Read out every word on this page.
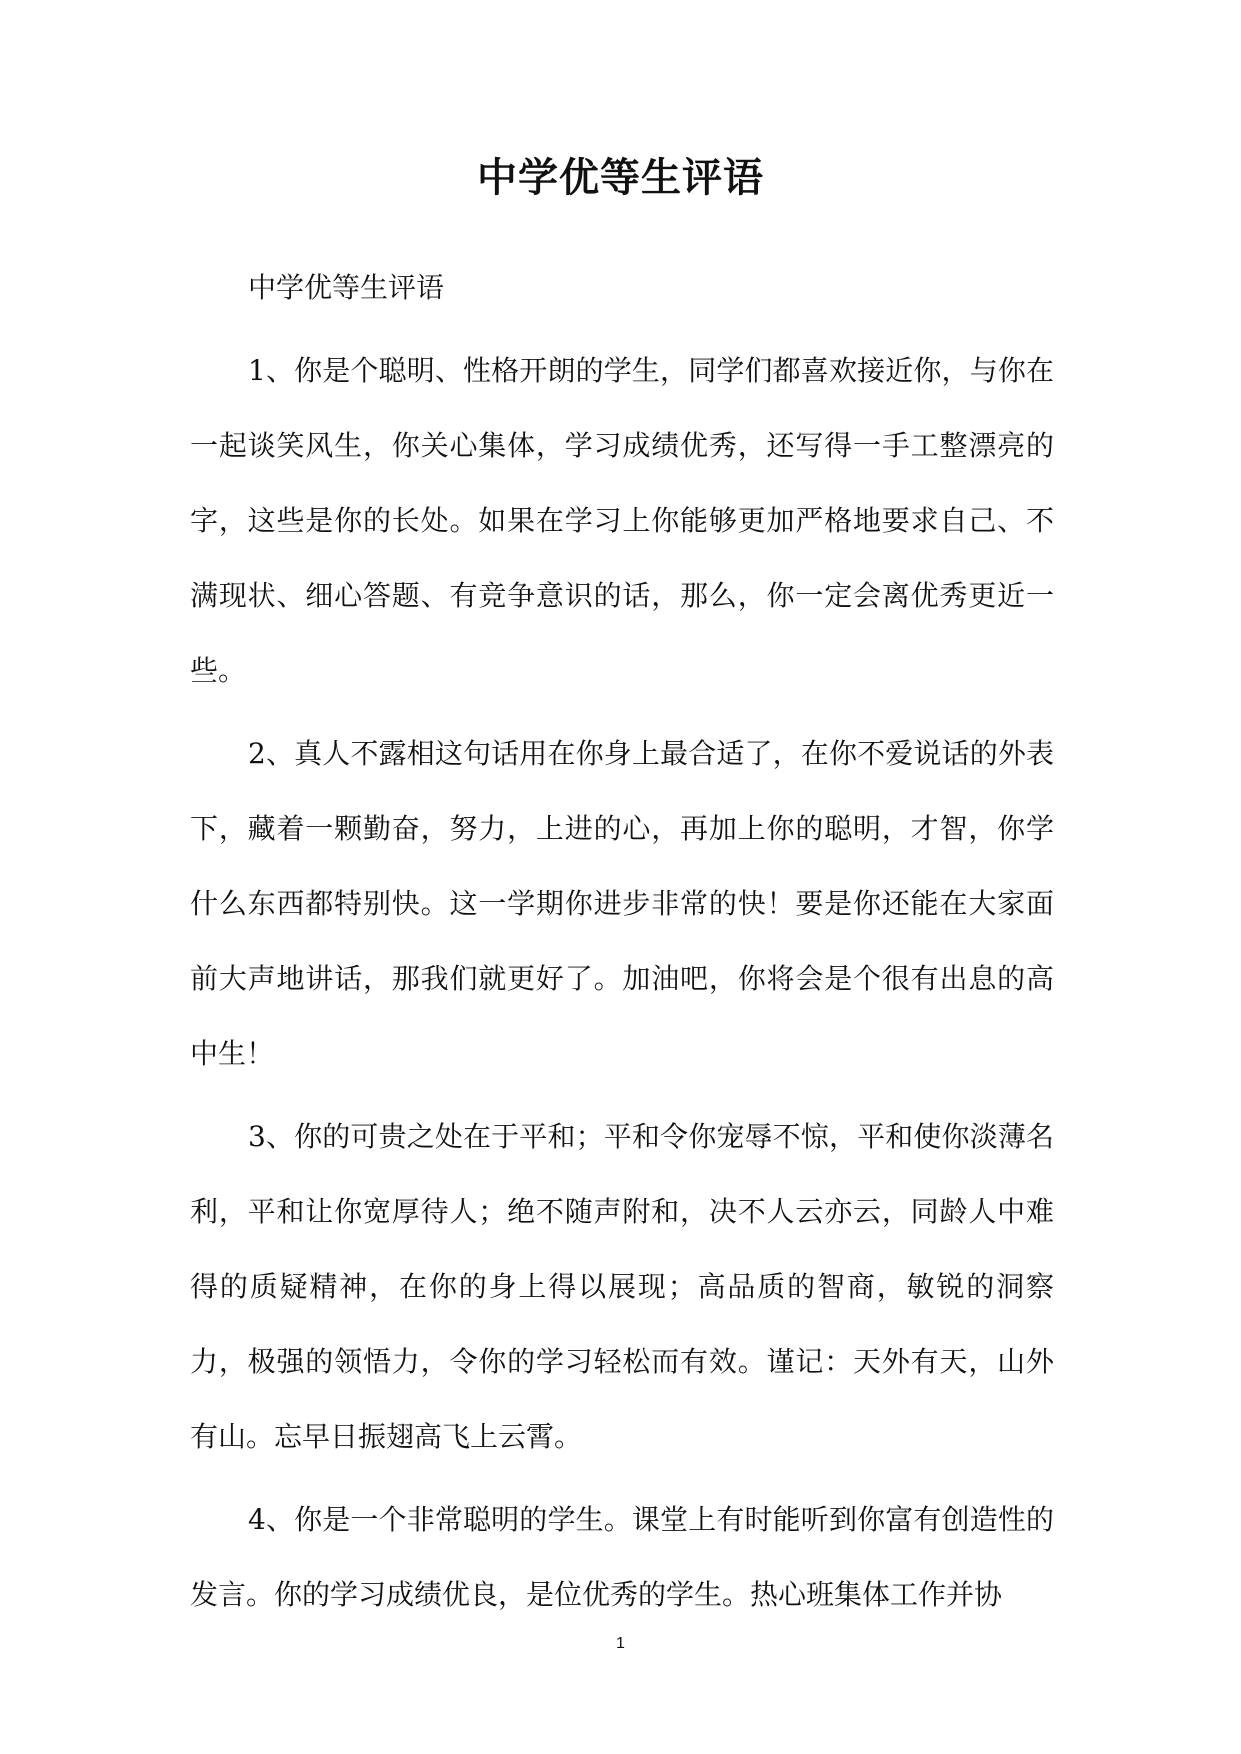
中学优等生评语

中学优等生评语

1、你是个聪明、性格开朗的学生，同学们都喜欢接近你，与你在一起谈笑风生，你关心集体，学习成绩优秀，还写得一手工整漂亮的字，这些是你的长处。如果在学习上你能够更加严格地要求自己、不满现状、细心答题、有竞争意识的话，那么，你一定会离优秀更近一些。

2、真人不露相这句话用在你身上最合适了，在你不爱说话的外表下，藏着一颗勤奋，努力，上进的心，再加上你的聪明，才智，你学什么东西都特别快。这一学期你进步非常的快！要是你还能在大家面前大声地讲话，那我们就更好了。加油吧，你将会是个很有出息的高中生！

3、你的可贵之处在于平和；平和令你宠辱不惊，平和使你淡薄名利，平和让你宽厚待人；绝不随声附和，决不人云亦云，同龄人中难得的质疑精神，在你的身上得以展现；高品质的智商，敏锐的洞察力，极强的领悟力，令你的学习轻松而有效。谨记：天外有天，山外有山。忘早日振翅高飞上云霄。

4、你是一个非常聪明的学生。课堂上有时能听到你富有创造性的发言。你的学习成绩优良，是位优秀的学生。热心班集体工作并协

1
